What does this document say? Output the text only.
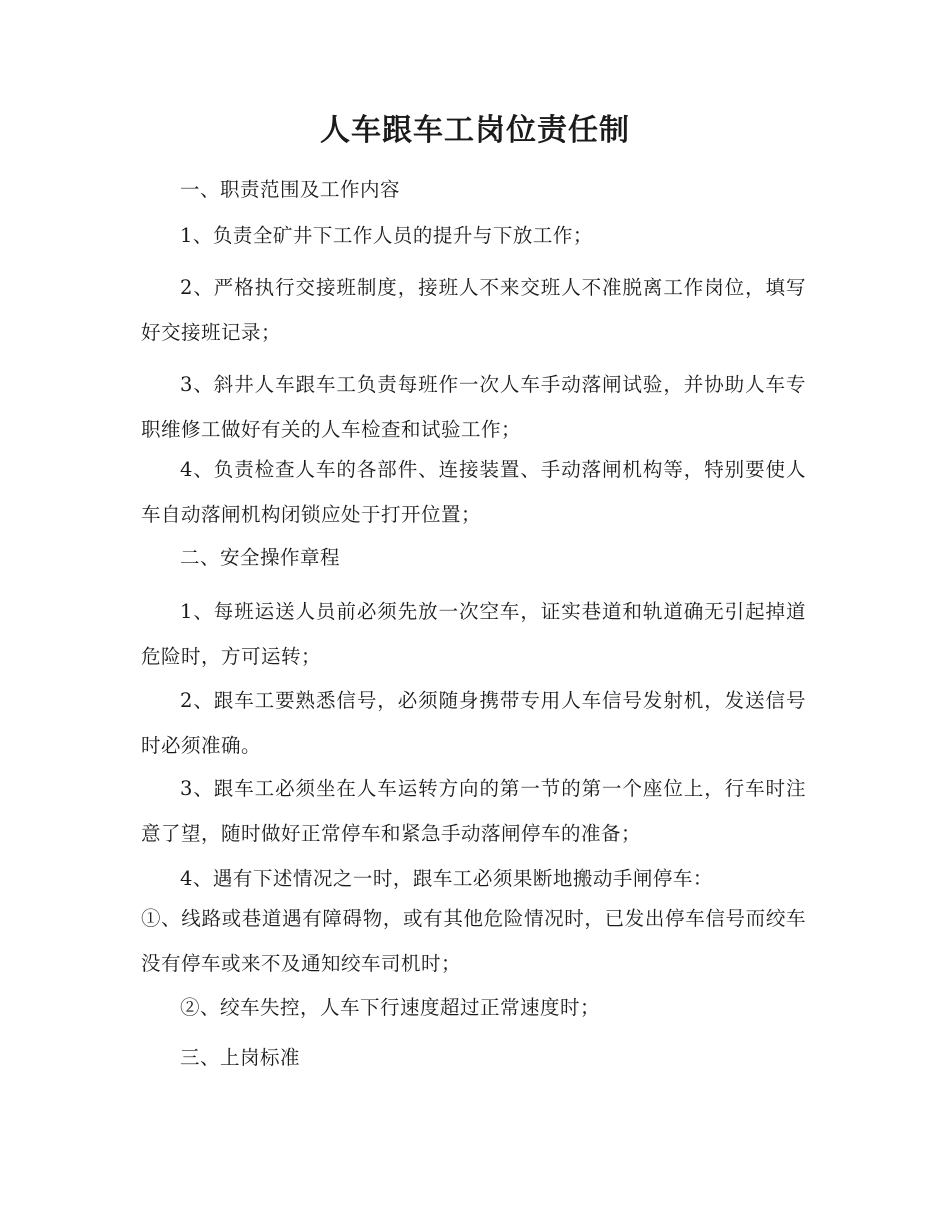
人车跟车工岗位责任制

一、职责范围及工作内容

1、负责全矿井下工作人员的提升与下放工作；

2、严格执行交接班制度，接班人不来交班人不准脱离工作岗位，填写好交接班记录；

3、斜井人车跟车工负责每班作一次人车手动落闸试验，并协助人车专职维修工做好有关的人车检查和试验工作；

4、负责检查人车的各部件、连接装置、手动落闸机构等，特别要使人车自动落闸机构闭锁应处于打开位置；

二、安全操作章程

1、每班运送人员前必须先放一次空车，证实巷道和轨道确无引起掉道危险时，方可运转；

2、跟车工要熟悉信号，必须随身携带专用人车信号发射机，发送信号时必须准确。

3、跟车工必须坐在人车运转方向的第一节的第一个座位上，行车时注意了望，随时做好正常停车和紧急手动落闸停车的准备；

4、遇有下述情况之一时，跟车工必须果断地搬动手闸停车：

①、线路或巷道遇有障碍物，或有其他危险情况时，已发出停车信号而绞车没有停车或来不及通知绞车司机时；

②、绞车失控，人车下行速度超过正常速度时；

三、上岗标准
